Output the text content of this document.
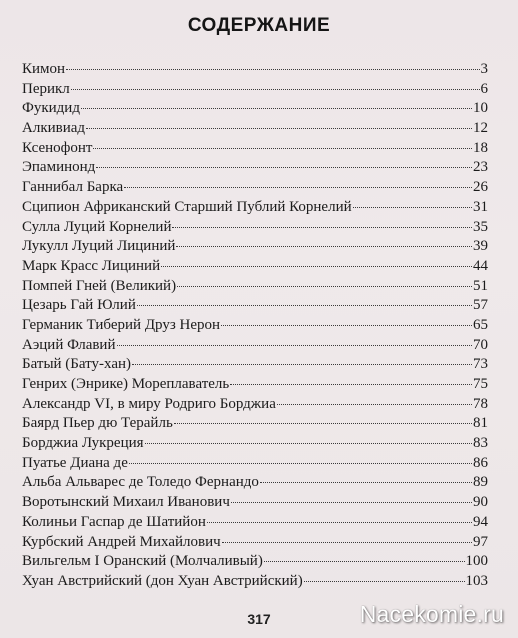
СОДЕРЖАНИЕ
Кимон	3
Перикл	6
Фукидид	10
Алкивиад	12
Ксенофонт	18
Эпаминонд	23
Ганнибал Барка	26
Сципион Африканский Старший Публий Корнелий	31
Сулла Луций Корнелий	35
Лукулл Луций Лициний	39
Марк Красс Лициний	44
Помпей Гней (Великий)	51
Цезарь Гай Юлий	57
Германик Тиберий Друз Нерон	65
Аэций Флавий	70
Батый (Бату-хан)	73
Генрих (Энрике) Мореплаватель	75
Александр VI, в миру Родриго Борджиа	78
Баярд Пьер дю Терайль	81
Борджиа Лукреция	83
Пуатье Диана де	86
Альба Альварес де Толедо Фернандо	89
Воротынский Михаил Иванович	90
Колиньи Гаспар де Шатийон	94
Курбский Андрей Михайлович	97
Вильгельм I Оранский (Молчаливый)	100
Хуан Австрийский (дон Хуан Австрийский)	103
317	Nacekomie.ru
